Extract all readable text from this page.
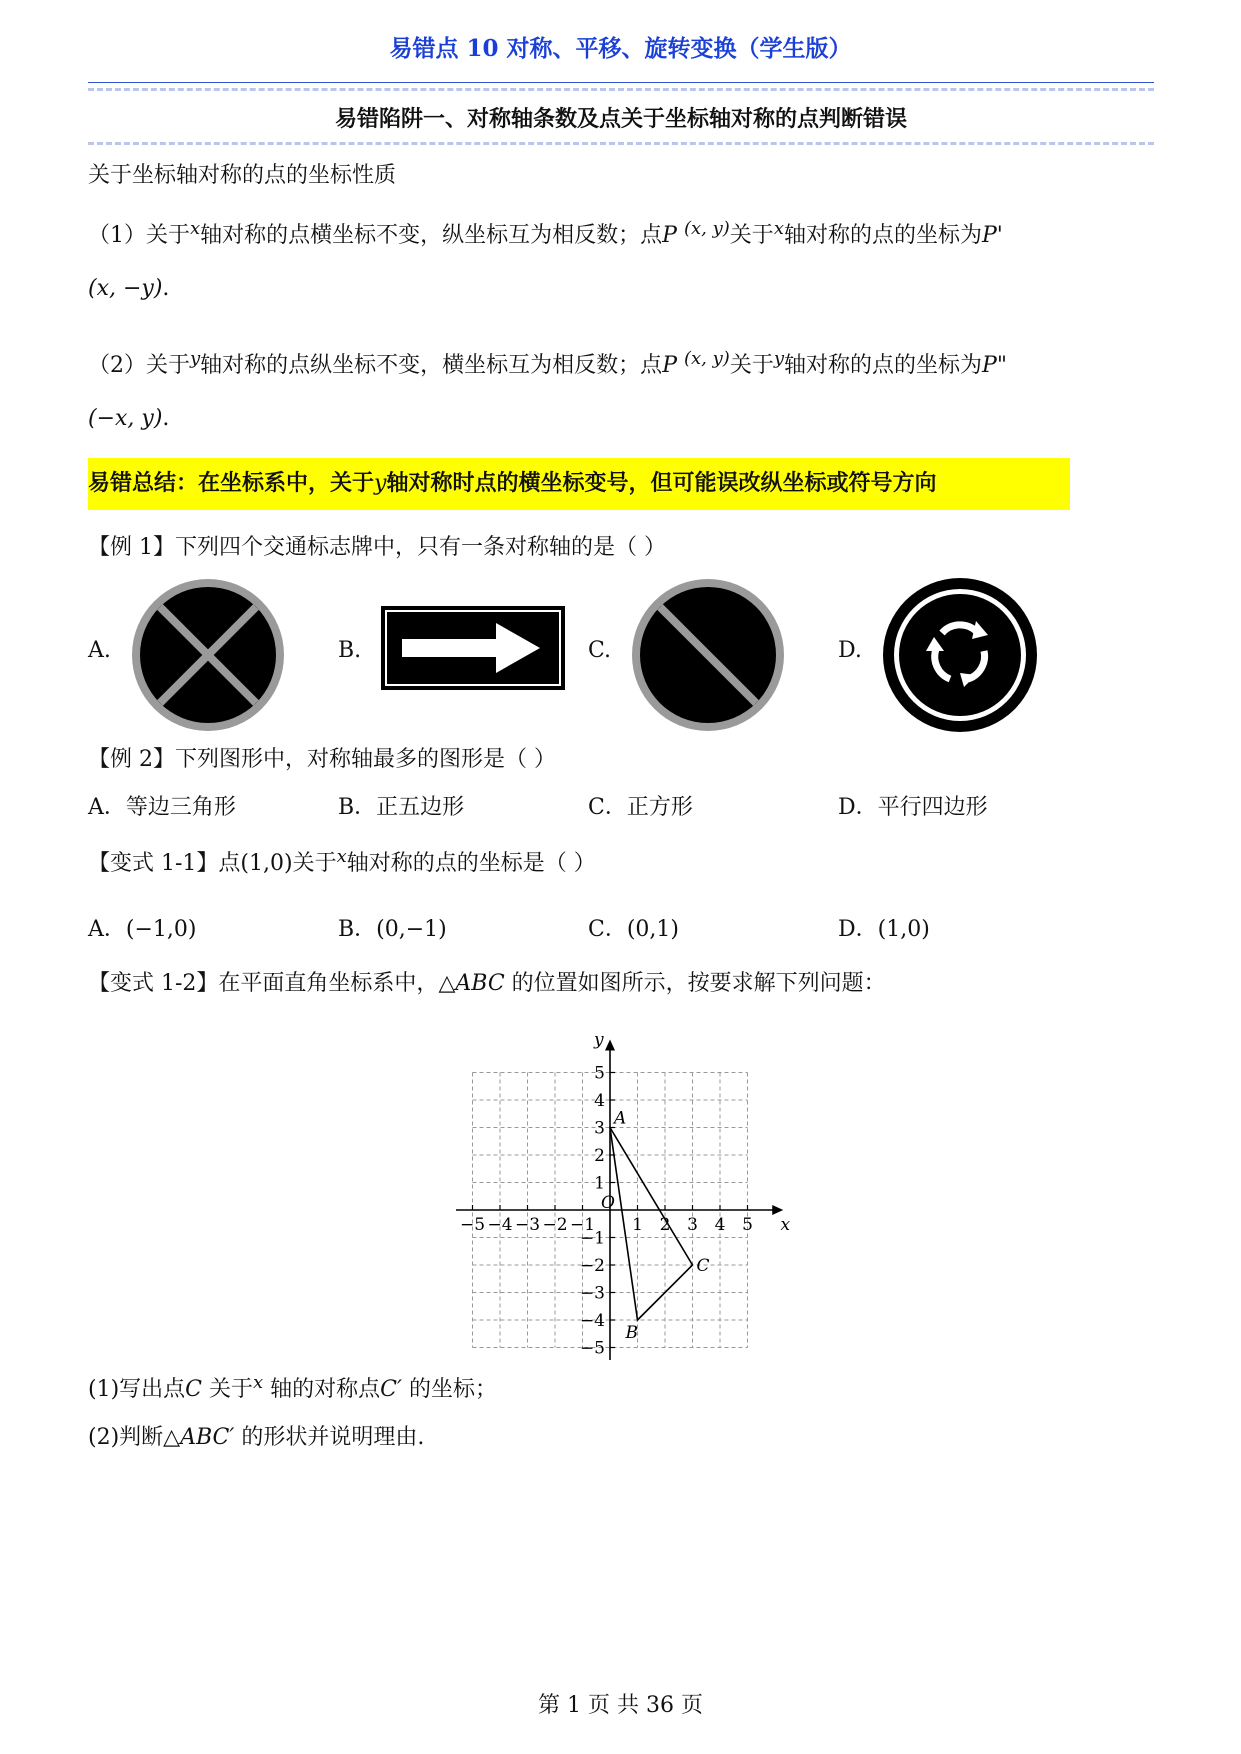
易错点 10 对称、平移、旋转变换（学生版）
易错陷阱一、对称轴条数及点关于坐标轴对称的点判断错误
关于坐标轴对称的点的坐标性质
（1）关于$^x$轴对称的点横坐标不变，纵坐标互为相反数；点P $^{(x, y)}$关于$^x$轴对称的点的坐标为P'
(x, −y).
（2）关于$^y$轴对称的点纵坐标不变，横坐标互为相反数；点P $^{(x, y)}$关于$^y$轴对称的点的坐标为P"
(−x, y).
易错总结：在坐标系中，关于y轴对称时点的横坐标变号，但可能误改纵坐标或符号方向
【例 1】下列四个交通标志牌中，只有一条对称轴的是（ ）
A.	B.	C.	D.
【例 2】下列图形中，对称轴最多的图形是（ ）
A．等边三角形	B．正五边形	C．正方形	D．平行四边形
【变式 1-1】点(1,0)关于$^x$轴对称的点的坐标是（ ）
A．(−1,0)	B．(0,−1)	C．(0,1)	D．(1,0)
【变式 1-2】在平面直角坐标系中，△ABC 的位置如图所示，按要求解下列问题：
−5 −4 −3 −2 −1 1 2 3 4 5
5
4
3
2
1
−1
−2
−3
−4
−5
x
y
O
A
B
C
(1)写出点C 关于$^x$ 轴的对称点C′ 的坐标；
(2)判断△ABC′ 的形状并说明理由.
第 1 页 共 36 页
